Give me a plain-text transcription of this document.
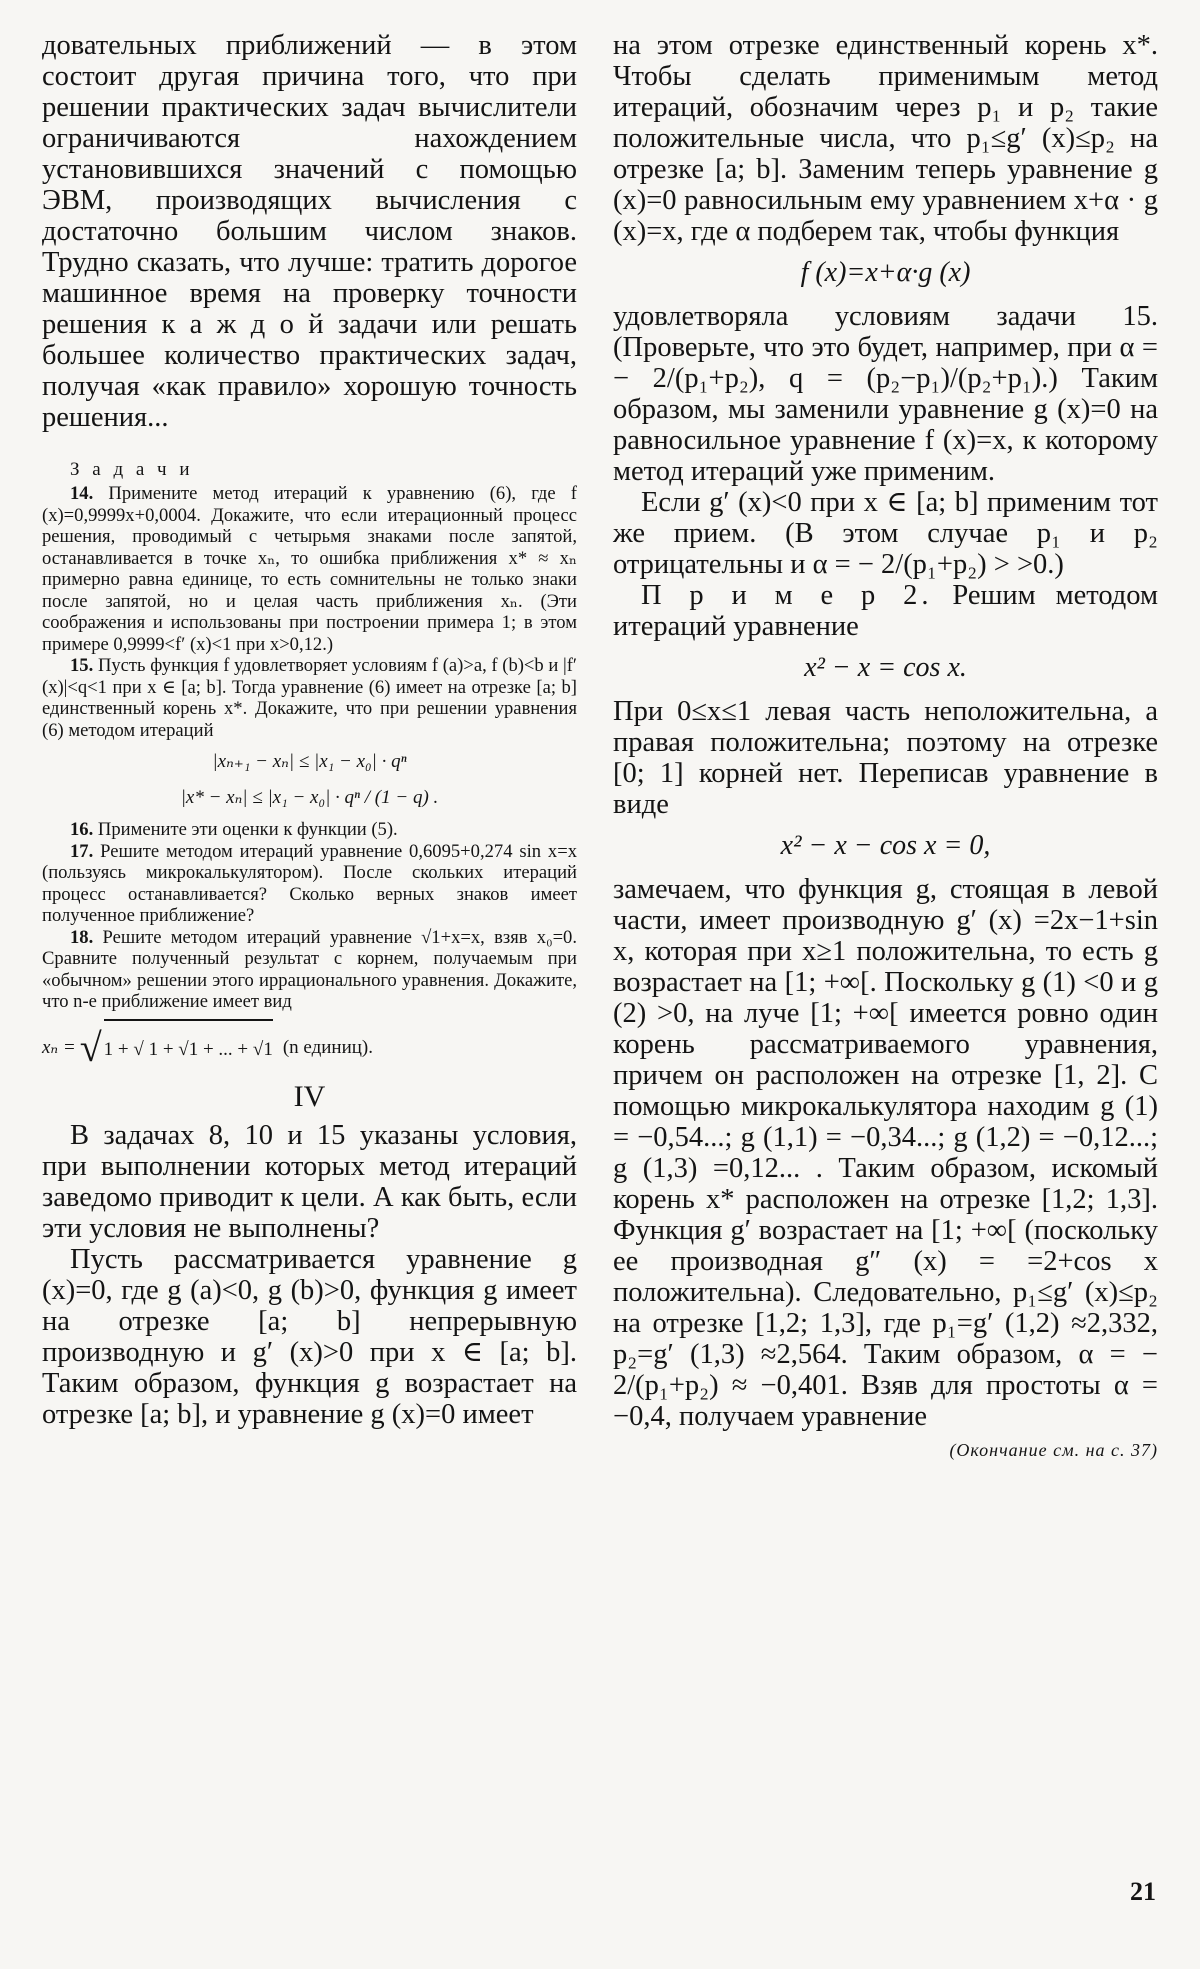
довательных приближений — в этом состоит другая причина того, что при решении практических задач вычислители ограничиваются нахождением установившихся значений с помощью ЭВМ, производящих вычисления с достаточно большим числом знаков. Трудно сказать, что лучше: тратить дорогое машинное время на проверку точности решения к а ж д о й задачи или решать большее количество практических задач, получая «как правило» хорошую точность решения...

З а д а ч и

14. Примените метод итераций к уравнению (6), где f (x)=0,9999x+0,0004. Докажите, что если итерационный процесс решения, проводимый с четырьмя знаками после запятой, останавливается в точке xₙ, то ошибка приближения x* ≈ xₙ примерно равна единице, то есть сомнительны не только знаки после запятой, но и целая часть приближения xₙ. (Эти соображения и использованы при построении примера 1; в этом примере 0,9999<f′ (x)<1 при x>0,12.)

15. Пусть функция f удовлетворяет условиям f (a)>a, f (b)<b и |f′ (x)|<q<1 при x ∈ [a; b]. Тогда уравнение (6) имеет на отрезке [a; b] единственный корень x*. Докажите, что при решении уравнения (6) методом итераций

|xₙ₊₁ − xₙ| ≤ |x₁ − x₀| · qⁿ
|x* − xₙ| ≤ |x₁ − x₀| · qⁿ / (1 − q) .

16. Примените эти оценки к функции (5).

17. Решите методом итераций уравнение 0,6095+0,274 sin x=x (пользуясь микрокалькулятором). После скольких итераций процесс останавливается? Сколько верных знаков имеет полученное приближение?

18. Решите методом итераций уравнение √1+x=x, взяв x₀=0. Сравните полученный результат с корнем, получаемым при «обычном» решении этого иррационального уравнения. Докажите, что n-е приближение имеет вид

xₙ = √ 1 + √ 1 + √1 + ... + √1 (n единиц).
IV

В задачах 8, 10 и 15 указаны условия, при выполнении которых метод итераций заведомо приводит к цели. А как быть, если эти условия не выполнены?

Пусть рассматривается уравнение g (x)=0, где g (a)<0, g (b)>0, функция g имеет на отрезке [a; b] непрерывную производную и g′ (x)>0 при x ∈ [a; b]. Таким образом, функция g возрастает на отрезке [a; b], и уравнение g (x)=0 имеет

на этом отрезке единственный корень x*. Чтобы сделать применимым метод итераций, обозначим через p₁ и p₂ такие положительные числа, что p₁≤g′ (x)≤p₂ на отрезке [a; b]. Заменим теперь уравнение g (x)=0 равносильным ему уравнением x+α · g (x)=x, где α подберем так, чтобы функция

f (x)=x+α·g (x)

удовлетворяла условиям задачи 15. (Проверьте, что это будет, например, при α = − 2/(p₁+p₂), q = (p₂−p₁)/(p₂+p₁).) Таким образом, мы заменили уравнение g (x)=0 на равносильное уравнение f (x)=x, к которому метод итераций уже применим.

Если g′ (x)<0 при x ∈ [a; b] применим тот же прием. (В этом случае p₁ и p₂ отрицательны и α = − 2/(p₁+p₂) > >0.)

П р и м е р 2. Решим методом итераций уравнение

x² − x = cos x.

При 0≤x≤1 левая часть неположительна, а правая положительна; поэтому на отрезке [0; 1] корней нет. Переписав уравнение в виде

x² − x − cos x = 0,

замечаем, что функция g, стоящая в левой части, имеет производную g′ (x) =2x−1+sin x, которая при x≥1 положительна, то есть g возрастает на [1; +∞[. Поскольку g (1) <0 и g (2) >0, на луче [1; +∞[ имеется ровно один корень рассматриваемого уравнения, причем он расположен на отрезке [1, 2]. С помощью микрокалькулятора находим g (1) = −0,54...; g (1,1) = −0,34...; g (1,2) = −0,12...; g (1,3) =0,12... . Таким образом, искомый корень x* расположен на отрезке [1,2; 1,3]. Функция g′ возрастает на [1; +∞[ (поскольку ее производная g″ (x) = =2+cos x положительна). Следовательно, p₁≤g′ (x)≤p₂ на отрезке [1,2; 1,3], где p₁=g′ (1,2) ≈2,332, p₂=g′ (1,3) ≈2,564. Таким образом, α = − 2/(p₁+p₂) ≈ −0,401. Взяв для простоты α = −0,4, получаем уравнение

(Окончание см. на с. 37)
21
